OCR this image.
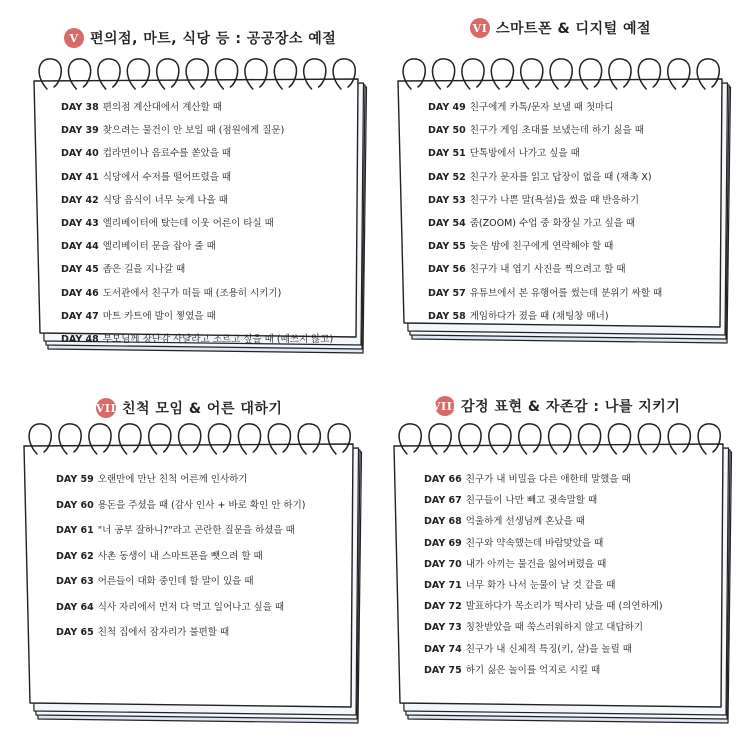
V 편의점, 마트, 식당 등 : 공공장소 예절
DAY 38 편의점 계산대에서 계산할 때
DAY 39 찾으려는 물건이 안 보일 때 (점원에게 질문)
DAY 40 컵라면이나 음료수를 쏟았을 때
DAY 41 식당에서 수저를 떨어뜨렸을 때
DAY 42 식당 음식이 너무 늦게 나올 때
DAY 43 엘리베이터에 탔는데 이웃 어른이 타실 때
DAY 44 엘리베이터 문을 잡아 줄 때
DAY 45 좁은 길을 지나갈 때
DAY 46 도서관에서 친구가 떠들 때 (조용히 시키기)
DAY 47 마트 카트에 발이 찧였을 때
DAY 48 부모님께 장난감 사달라고 조르고 싶을 때 (떼쓰지 않고)
VI 스마트폰 & 디지털 예절
DAY 49 친구에게 카톡/문자 보낼 때 첫마디
DAY 50 친구가 게임 초대를 보냈는데 하기 싫을 때
DAY 51 단톡방에서 나가고 싶을 때
DAY 52 친구가 문자를 읽고 답장이 없을 때 (재촉 X)
DAY 53 친구가 나쁜 말(욕설)을 썼을 때 반응하기
DAY 54 줌(ZOOM) 수업 중 화장실 가고 싶을 때
DAY 55 늦은 밤에 친구에게 연락해야 할 때
DAY 56 친구가 내 엽기 사진을 찍으려고 할 때
DAY 57 유튜브에서 본 유행어를 썼는데 분위기 싸할 때
DAY 58 게임하다가 졌을 때 (채팅창 매너)
VII 친척 모임 & 어른 대하기
DAY 59 오랜만에 만난 친척 어른께 인사하기
DAY 60 용돈을 주셨을 때 (감사 인사 + 바로 확인 안 하기)
DAY 61 "너 공부 잘하니?"라고 곤란한 질문을 하셨을 때
DAY 62 사촌 동생이 내 스마트폰을 뺏으려 할 때
DAY 63 어른들이 대화 중인데 할 말이 있을 때
DAY 64 식사 자리에서 먼저 다 먹고 일어나고 싶을 때
DAY 65 친척 집에서 잠자리가 불편할 때
VIII 감정 표현 & 자존감 : 나를 지키기
DAY 66 친구가 내 비밀을 다른 애한테 말했을 때
DAY 67 친구들이 나만 빼고 귓속말할 때
DAY 68 억울하게 선생님께 혼났을 때
DAY 69 친구와 약속했는데 바람맞았을 때
DAY 70 내가 아끼는 물건을 잃어버렸을 때
DAY 71 너무 화가 나서 눈물이 날 것 같을 때
DAY 72 발표하다가 목소리가 떡사리 났을 때 (의연하게)
DAY 73 칭찬받았을 때 쑥스러워하지 않고 대답하기
DAY 74 친구가 내 신체적 특징(키, 살)을 놀릴 때
DAY 75 하기 싫은 놀이를 억지로 시킬 때
